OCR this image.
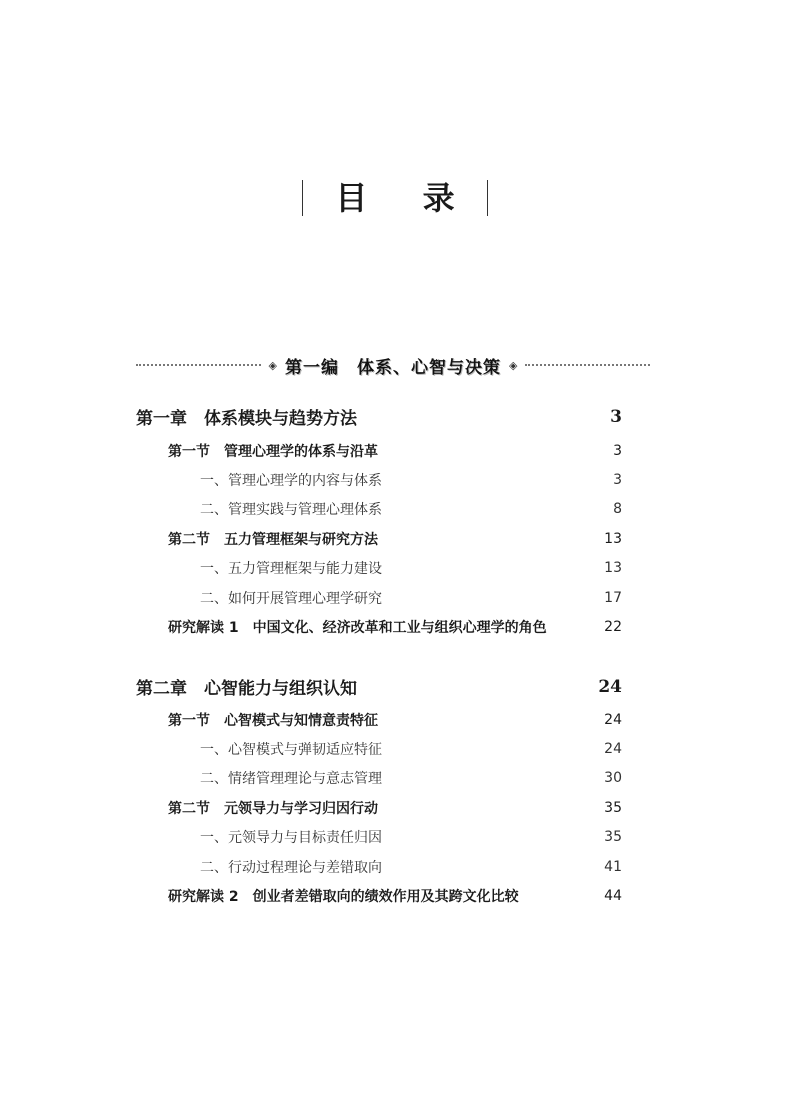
目 录
◈ 第一编　体系、心智与决策 ◈
第一章　体系模块与趋势方法	3
第一节　管理心理学的体系与沿革	3
一、管理心理学的内容与体系	3
二、管理实践与管理心理体系	8
第二节　五力管理框架与研究方法	13
一、五力管理框架与能力建设	13
二、如何开展管理心理学研究	17
研究解读 1　中国文化、经济改革和工业与组织心理学的角色	22
第二章　心智能力与组织认知	24
第一节　心智模式与知情意责特征	24
一、心智模式与弹韧适应特征	24
二、情绪管理理论与意志管理	30
第二节　元领导力与学习归因行动	35
一、元领导力与目标责任归因	35
二、行动过程理论与差错取向	41
研究解读 2　创业者差错取向的绩效作用及其跨文化比较	44
